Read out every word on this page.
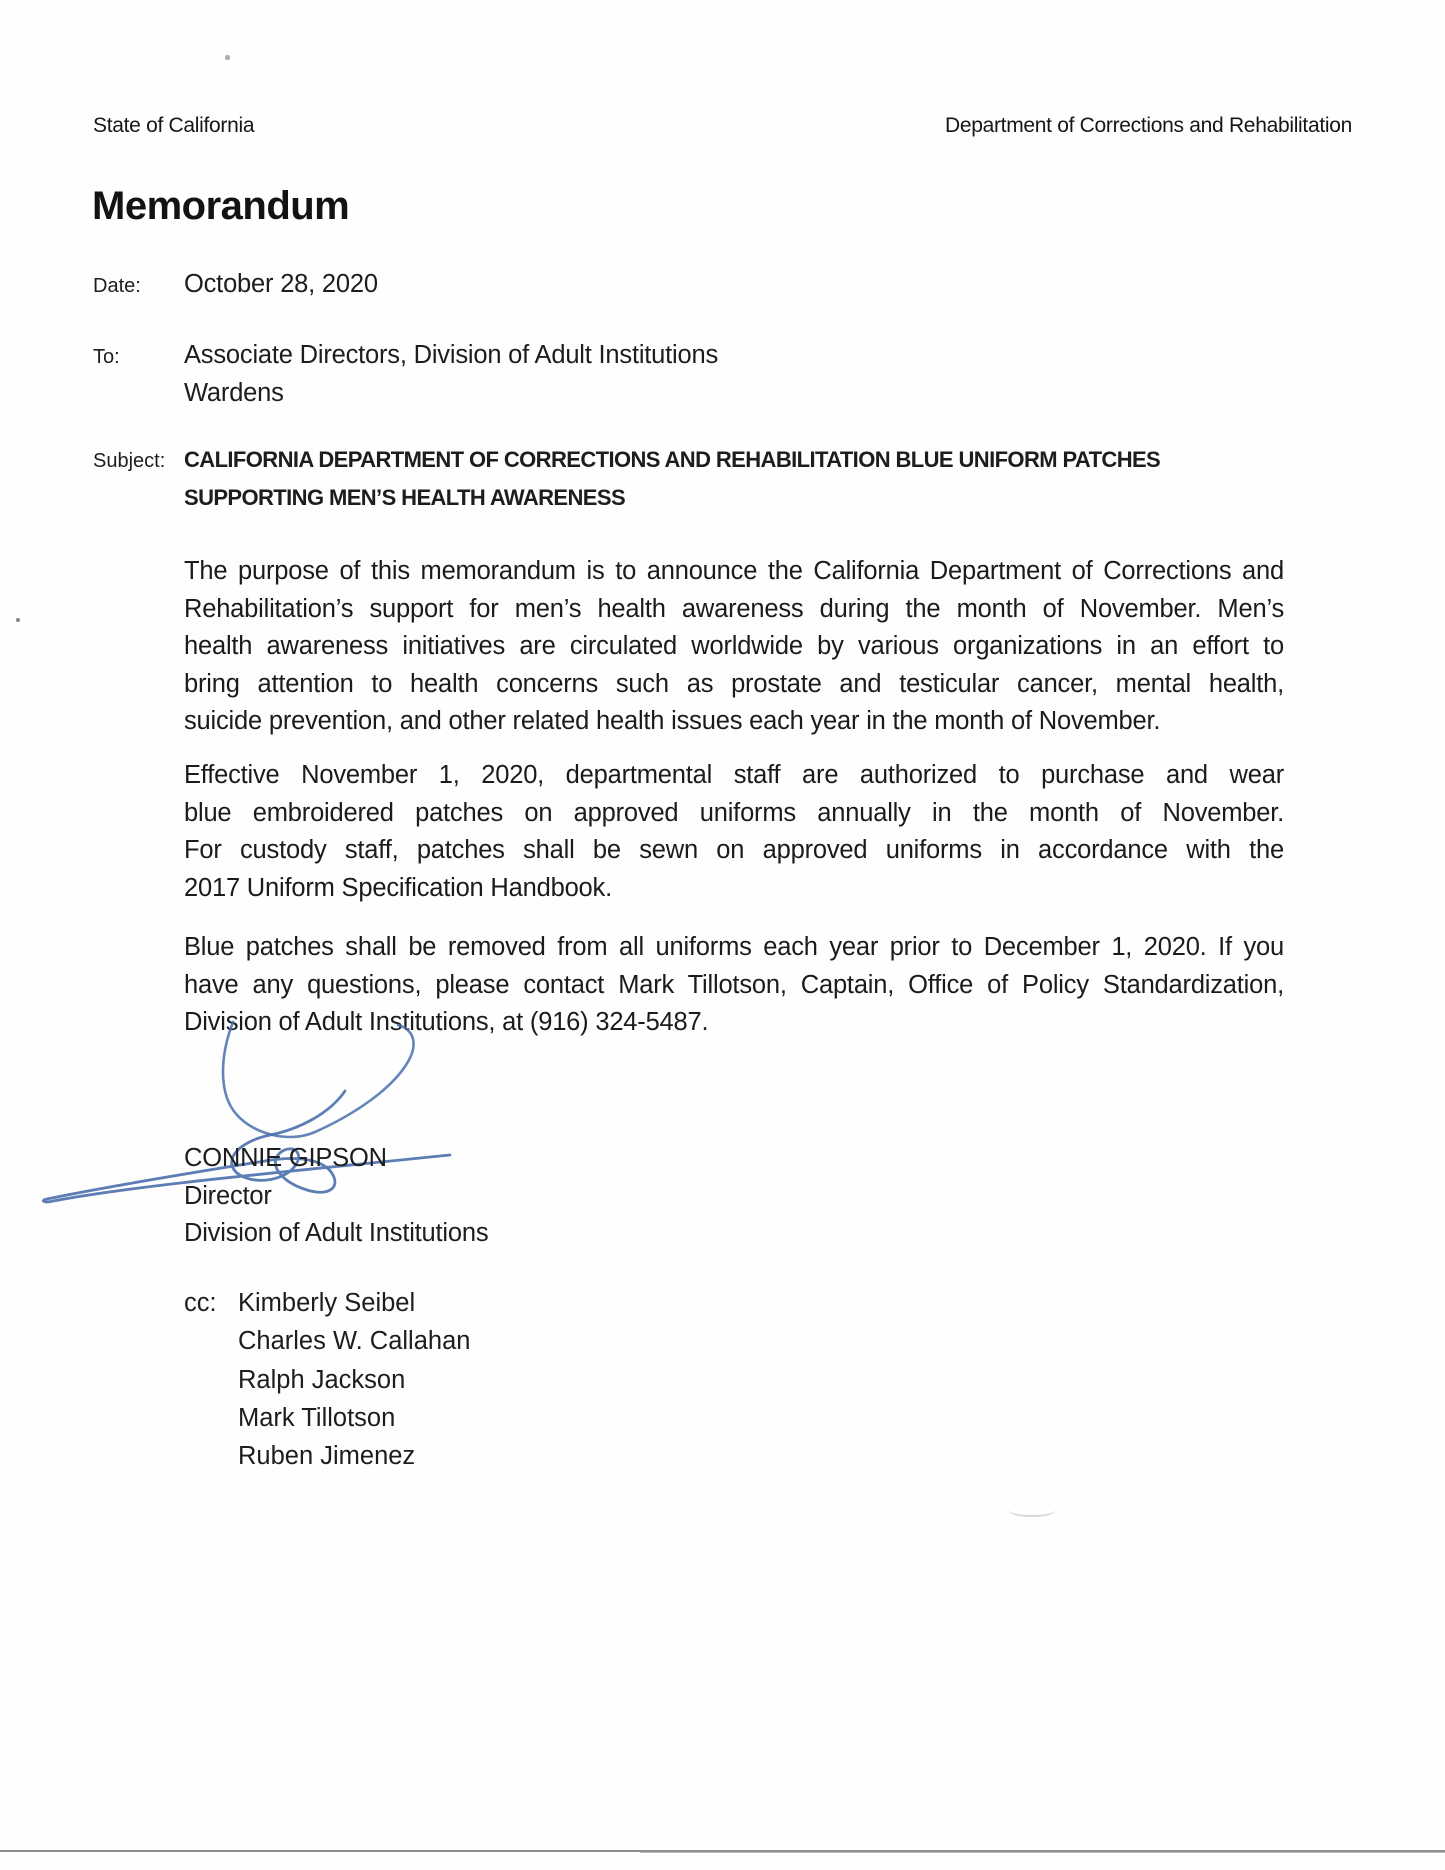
State of California	Department of Corrections and Rehabilitation
Memorandum
Date:	October 28, 2020
To:	Associate Directors, Division of Adult Institutions
Wardens
Subject: CALIFORNIA DEPARTMENT OF CORRECTIONS AND REHABILITATION BLUE UNIFORM PATCHES
SUPPORTING MEN’S HEALTH AWARENESS
The purpose of this memorandum is to announce the California Department of Corrections and
Rehabilitation’s support for men’s health awareness during the month of November. Men’s
health awareness initiatives are circulated worldwide by various organizations in an effort to
bring attention to health concerns such as prostate and testicular cancer, mental health,
suicide prevention, and other related health issues each year in the month of November.
Effective November 1, 2020, departmental staff are authorized to purchase and wear
blue embroidered patches on approved uniforms annually in the month of November.
For custody staff, patches shall be sewn on approved uniforms in accordance with the
2017 Uniform Specification Handbook.
Blue patches shall be removed from all uniforms each year prior to December 1, 2020. If you
have any questions, please contact Mark Tillotson, Captain, Office of Policy Standardization,
Division of Adult Institutions, at (916) 324-5487.
CONNIE GIPSON
Director
Division of Adult Institutions
cc: Kimberly Seibel
Charles W. Callahan
Ralph Jackson
Mark Tillotson
Ruben Jimenez
